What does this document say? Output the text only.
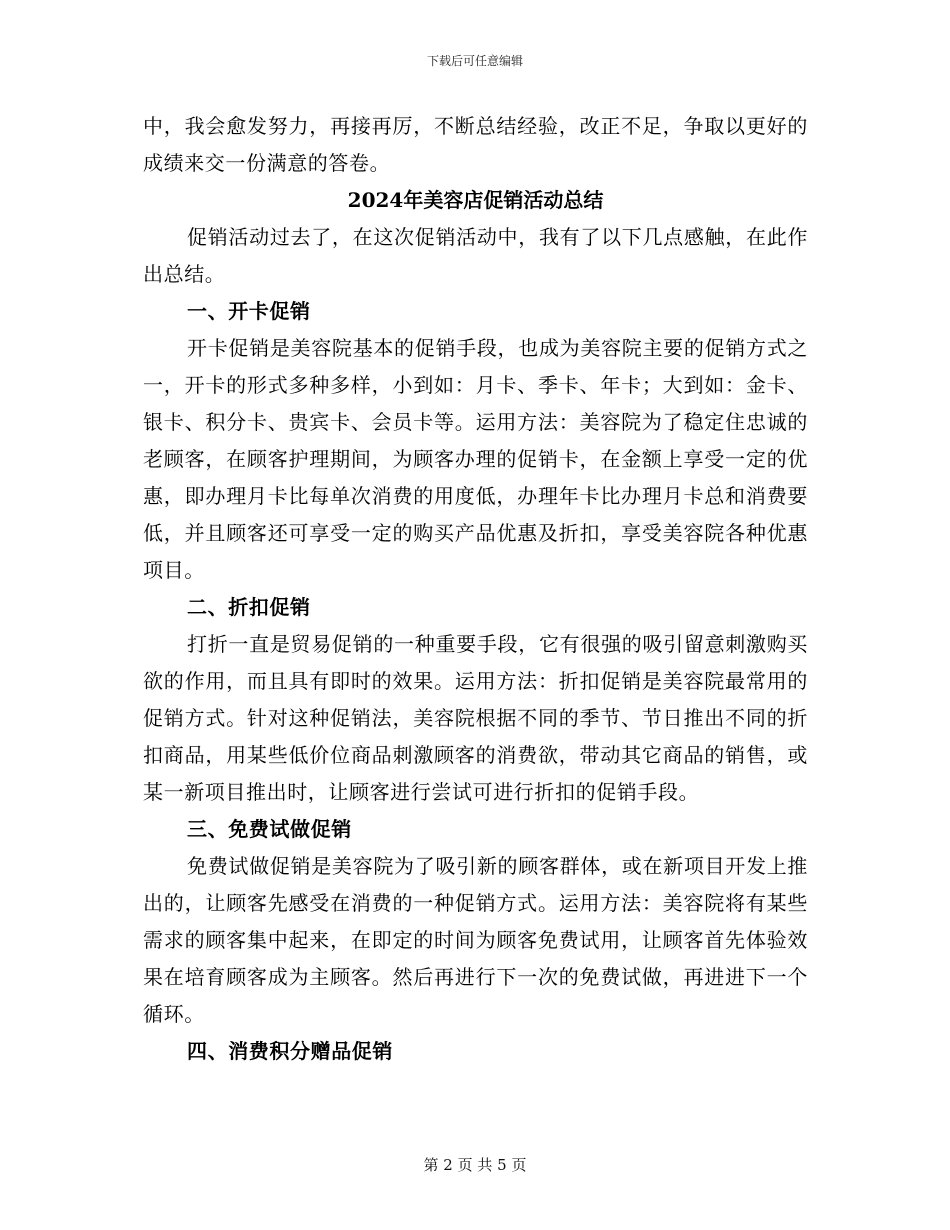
下载后可任意编辑

中，我会愈发努力，再接再厉，不断总结经验，改正不足，争取以更好的成绩来交一份满意的答卷。

2024年美容店促销活动总结

促销活动过去了，在这次促销活动中，我有了以下几点感触，在此作出总结。

一、开卡促销

开卡促销是美容院基本的促销手段，也成为美容院主要的促销方式之一，开卡的形式多种多样，小到如：月卡、季卡、年卡；大到如：金卡、银卡、积分卡、贵宾卡、会员卡等。运用方法：美容院为了稳定住忠诚的老顾客，在顾客护理期间，为顾客办理的促销卡，在金额上享受一定的优惠，即办理月卡比每单次消费的用度低，办理年卡比办理月卡总和消费要低，并且顾客还可享受一定的购买产品优惠及折扣，享受美容院各种优惠项目。

二、折扣促销

打折一直是贸易促销的一种重要手段，它有很强的吸引留意刺激购买欲的作用，而且具有即时的效果。运用方法：折扣促销是美容院最常用的促销方式。针对这种促销法，美容院根据不同的季节、节日推出不同的折扣商品，用某些低价位商品刺激顾客的消费欲，带动其它商品的销售，或某一新项目推出时，让顾客进行尝试可进行折扣的促销手段。

三、免费试做促销

免费试做促销是美容院为了吸引新的顾客群体，或在新项目开发上推出的，让顾客先感受在消费的一种促销方式。运用方法：美容院将有某些需求的顾客集中起来，在即定的时间为顾客免费试用，让顾客首先体验效果在培育顾客成为主顾客。然后再进行下一次的免费试做，再进进下一个循环。

四、消费积分赠品促销

第 2 页 共 5 页
